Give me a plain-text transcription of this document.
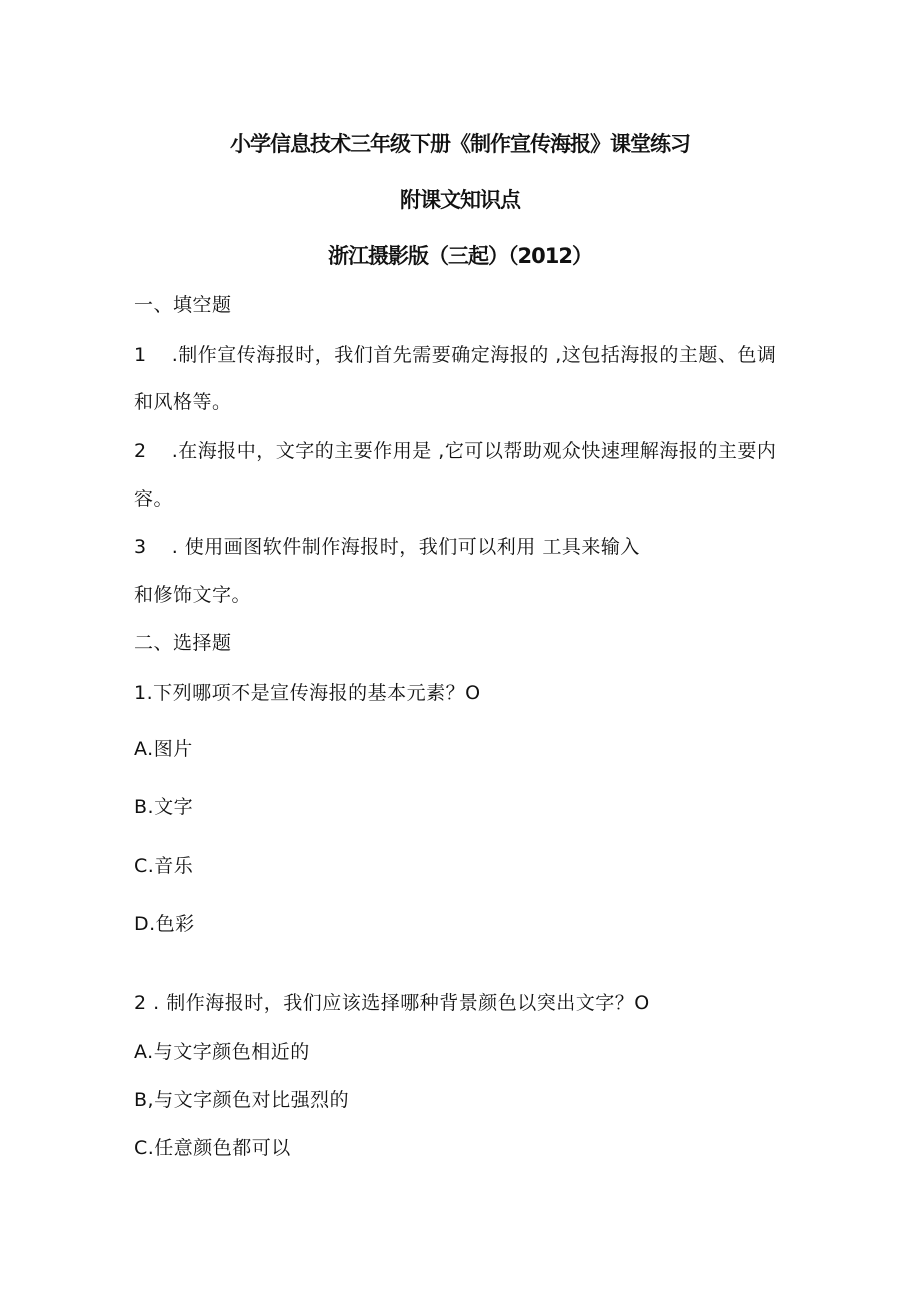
小学信息技术三年级下册《制作宣传海报》课堂练习
附课文知识点
浙江摄影版（三起）（2012）
一、填空题
1 .制作宣传海报时，我们首先需要确定海报的 ,这包括海报的主题、色调
和风格等。
2 .在海报中，文字的主要作用是 ,它可以帮助观众快速理解海报的主要内
容。
3 . 使用画图软件制作海报时，我们可以利用 工具来输入
和修饰文字。
二、选择题
1.下列哪项不是宣传海报的基本元素？O
A.图片
B.文字
C.音乐
D.色彩
2 . 制作海报时，我们应该选择哪种背景颜色以突出文字？O
A.与文字颜色相近的
B,与文字颜色对比强烈的
C.任意颜色都可以
